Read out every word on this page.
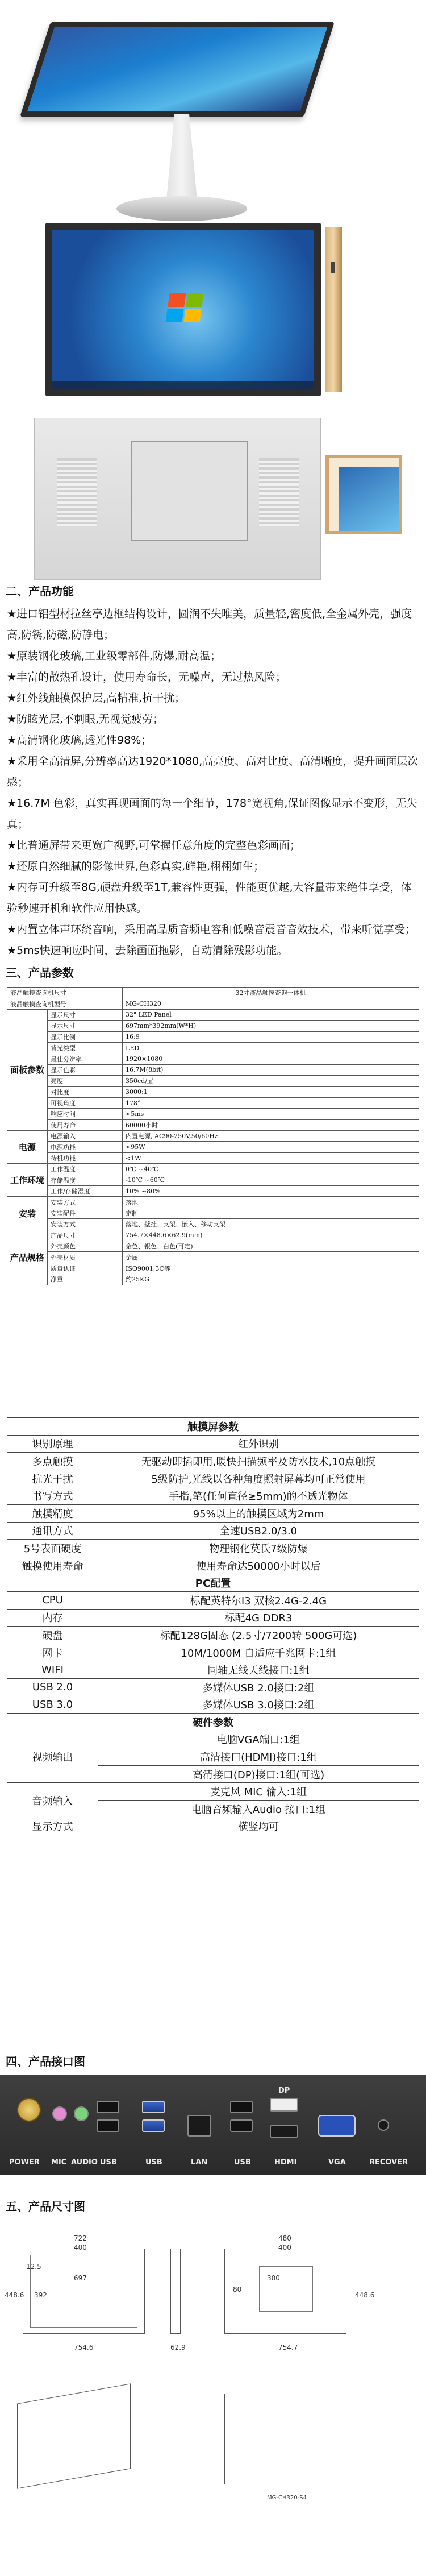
二、产品功能
★进口铝型材拉丝亭边框结构设计，圆润不失唯美，质量轻,密度低,全金属外壳，强度高,防锈,防磁,防静电；
★原装钢化玻璃,工业级零部件,防爆,耐高温；
★丰富的散热孔设计，使用寿命长，无噪声，无过热风险；
★红外线触摸保护层,高精准,抗干扰；
★防眩光层,不刺眼,无视觉疲劳；
★高清钢化玻璃,透光性98%；
★采用全高清屏,分辨率高达1920*1080,高亮度、高对比度、高清晰度，提升画面层次感；
★16.7M 色彩，真实再现画面的每一个细节，178°宽视角,保证图像显示不变形，无失真；
★比普通屏带来更宽广视野,可掌握任意角度的完整色彩画面；
★还原自然细腻的影像世界,色彩真实,鲜艳,栩栩如生；
★内存可升级至8G,硬盘升级至1T,兼容性更强，性能更优越,大容量带来绝佳享受，体验秒速开机和软件应用快感。
★内置立体声环绕音响，采用高品质音频电容和低噪音震音音效技术，带来听觉享受；
★5ms快速响应时间，去除画面拖影，自动清除残影功能。
三、产品参数
液晶触摸查询机尺寸		32寸液晶触摸查询一体机
液晶触摸查询机型号		MG-CH320
面板参数	显示尺寸	32" LED Panel
	显示尺寸	697mm*392mm(W*H)
	显示比例	16:9
	背光类型	LED
	最佳分辨率	1920×1080
	显示色彩	16.7M(8bit)
	亮度	350cd/㎡
	对比度	3000:1
	可视角度	178°
	响应时间	<5ms
	使用寿命	60000小时
电源	电源输入	内置电源, AC90-250V,50/60Hz
	电源功耗	<95W
	待机功耗	<1W
工作环境	工作温度	0℃ ~40℃
	存储温度	-10℃ ~60℃
	工作/存储湿度	10% ~80%
安装	安装方式	落地
	安装配件	定制
	安装方式	落地、壁挂、支架、嵌入、移动支架
产品规格	产品尺寸	754.7×448.6×62.9(mm)
	外壳颜色	金色、银色、白色(可定)
	外壳材质	金属
	质量认证	ISO9001,3C等
	净重	约25KG
触摸屏参数	
识别原理	红外识别
多点触摸	无驱动即插即用,暖快扫描频率及防水技术,10点触摸
抗光干扰	5级防护,光线以各种角度照射屏幕均可正常使用
书写方式	手指,笔(任何直径≥5mm)的不透光物体
触摸精度	95%以上的触摸区域为2mm
通讯方式	全速USB2.0/3.0
5号表面硬度	物理钢化莫氏7级防爆
触摸使用寿命	使用寿命达50000小时以后
PC配置	
CPU	标配英特尔I3 双核2.4G-2.4G
内存	标配4G DDR3
硬盘	标配128G固态 (2.5寸/7200转 500G可选)
网卡	10M/1000M 自适应千兆网卡:1组
WIFI	同轴无线天线接口:1组
USB 2.0	多媒体USB 2.0接口:2组
USB 3.0	多媒体USB 3.0接口:2组
硬件参数	
视频输出	电脑VGA端口:1组
	高清接口(HDMI)接口:1组
	高清接口(DP)接口:1组(可选)
音频输入	麦克风 MIC 输入:1组
	电脑音频输入Audio 接口:1组
显示方式	横竖均可
四、产品接口图
POWER MIC AUDIO USB	USB	LAN	USB	HDMI
DP
VGA	RECOVER
五、产品尺寸图
722
400
12.5
697
392
448.6
754.6	62.9
480
400
80
300
448.6
754.7
MG-CH320-S4
